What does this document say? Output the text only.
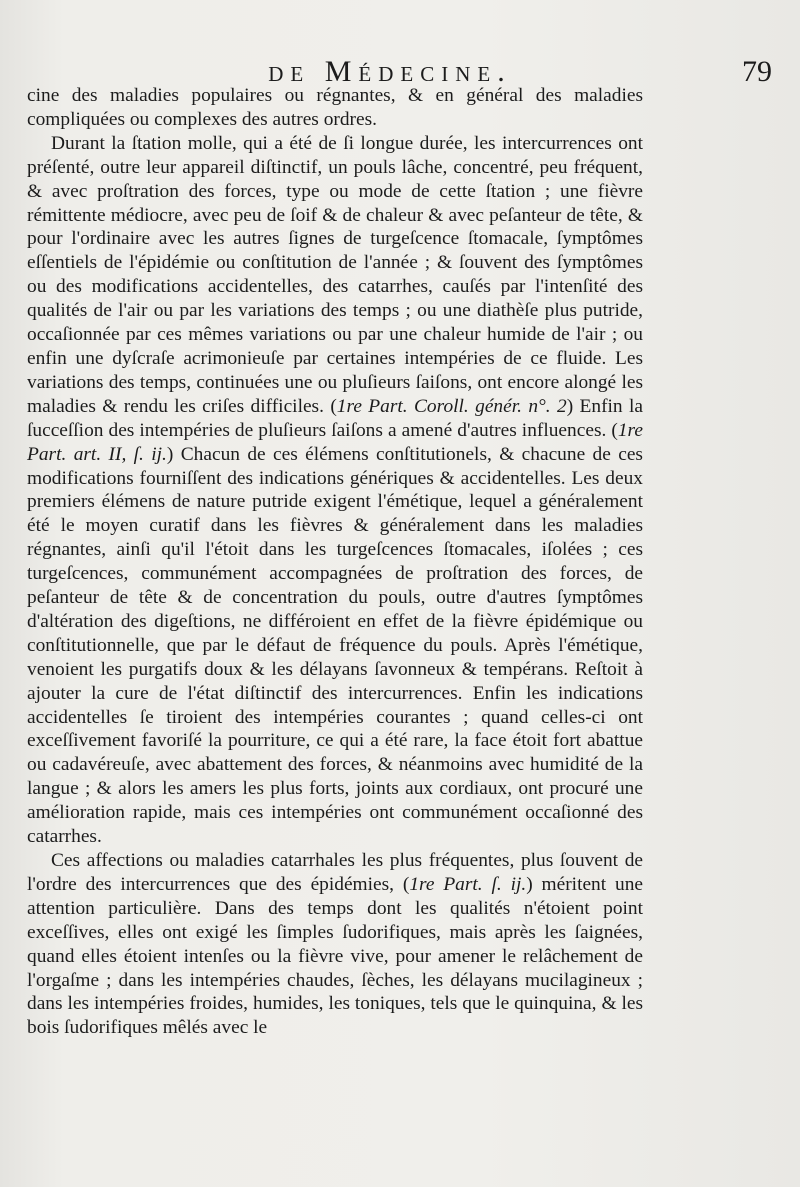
de Médecine.	79

cine des maladies populaires ou régnantes, & en général des maladies compliquées ou complexes des autres ordres.

Durant la ſtation molle, qui a été de ſi longue durée, les intercurrences ont préſenté, outre leur appareil diſtinctif, un pouls lâche, concentré, peu fréquent, & avec proſtration des forces, type ou mode de cette ſtation ; une fièvre rémittente médiocre, avec peu de ſoif & de chaleur & avec peſanteur de tête, & pour l'ordinaire avec les autres ſignes de turgeſcence ſtomacale, ſymptômes eſſentiels de l'épidémie ou conſtitution de l'année ; & ſouvent des ſymptômes ou des modifications accidentelles, des catarrhes, cauſés par l'intenſité des qualités de l'air ou par les variations des temps ; ou une diathèſe plus putride, occaſionnée par ces mêmes variations ou par une chaleur humide de l'air ; ou enfin une dyſcraſe acrimonieuſe par certaines intempéries de ce fluide. Les variations des temps, continuées une ou pluſieurs ſaiſons, ont encore alongé les maladies & rendu les criſes difficiles. (1re Part. Coroll. génér. n°. 2) Enfin la ſucceſſion des intempéries de pluſieurs ſaiſons a amené d'autres influences. (1re Part. art. II, ſ. ij.) Chacun de ces élémens conſtitutionels, & chacune de ces modifications fourniſſent des indications génériques & accidentelles. Les deux premiers élémens de nature putride exigent l'émétique, lequel a généralement été le moyen curatif dans les fièvres & généralement dans les maladies régnantes, ainſi qu'il l'étoit dans les turgeſcences ſtomacales, iſolées ; ces turgeſcences, communément accompagnées de proſtration des forces, de peſanteur de tête & de concentration du pouls, outre d'autres ſymptômes d'altération des digeſtions, ne différoient en effet de la fièvre épidémique ou conſtitutionnelle, que par le défaut de fréquence du pouls. Après l'émétique, venoient les purgatifs doux & les délayans ſavonneux & tempérans. Reſtoit à ajouter la cure de l'état diſtinctif des intercurrences. Enfin les indications accidentelles ſe tiroient des intempéries courantes ; quand celles-ci ont exceſſivement favoriſé la pourriture, ce qui a été rare, la face étoit fort abattue ou cadavéreuſe, avec abattement des forces, & néanmoins avec humidité de la langue ; & alors les amers les plus forts, joints aux cordiaux, ont procuré une amélioration rapide, mais ces intempéries ont communément occaſionné des catarrhes.

Ces affections ou maladies catarrhales les plus fréquentes, plus ſouvent de l'ordre des intercurrences que des épidémies, (1re Part. ſ. ij.) méritent une attention particulière. Dans des temps dont les qualités n'étoient point exceſſives, elles ont exigé les ſimples ſudorifiques, mais après les ſaignées, quand elles étoient intenſes ou la fièvre vive, pour amener le relâchement de l'orgaſme ; dans les intempéries chaudes, ſèches, les délayans mucilagineux ; dans les intempéries froides, humides, les toniques, tels que le quinquina, & les bois ſudorifiques mêlés avec le
